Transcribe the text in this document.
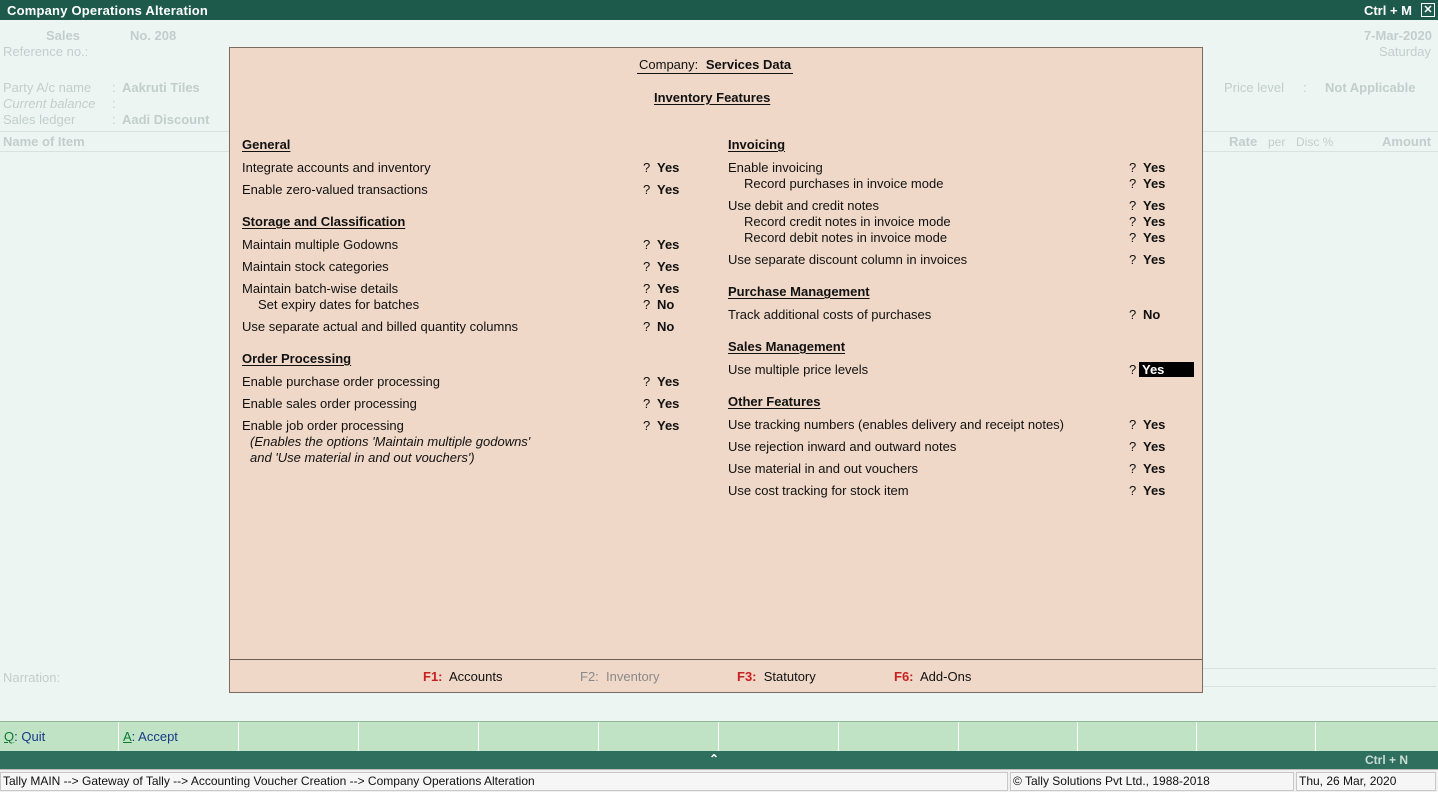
Company Operations Alteration	Ctrl + M ✕
Sales	No. 208	7-Mar-2020
Saturday
Reference no.:
Party A/c name : Aakruti Tiles
Current balance :
Sales ledger	: Aadi Discount
Price level : Not Applicable
Name of Item	Rate per Disc %	Amount
Narration:
Company: Services Data
Inventory Features
General
Integrate accounts and inventory	? Yes
Enable zero-valued transactions	? Yes
Storage and Classification
Maintain multiple Godowns	? Yes
Maintain stock categories	? Yes
Maintain batch-wise details	? Yes
Set expiry dates for batches	? No
Use separate actual and billed quantity columns	? No
Order Processing
Enable purchase order processing	? Yes
Enable sales order processing	? Yes
Enable job order processing	? Yes
(Enables the options 'Maintain multiple godowns'
and 'Use material in and out vouchers')
Invoicing
Enable invoicing	? Yes
Record purchases in invoice mode	? Yes
Use debit and credit notes	? Yes
Record credit notes in invoice mode	? Yes
Record debit notes in invoice mode	? Yes
Use separate discount column in invoices	? Yes
Purchase Management
Track additional costs of purchases	? No
Sales Management
Use multiple price levels	? Yes
Other Features
Use tracking numbers (enables delivery and receipt notes)	? Yes
Use rejection inward and outward notes	? Yes
Use material in and out vouchers	? Yes
Use cost tracking for stock item	? Yes
F1: Accounts	F2: Inventory	F3: Statutory	F6: Add-Ons
Q: Quit	A: Accept
⌃	Ctrl + N
Tally MAIN --> Gateway of Tally --> Accounting Voucher Creation --> Company Operations Alteration	© Tally Solutions Pvt Ltd., 1988-2018	Thu, 26 Mar, 2020
